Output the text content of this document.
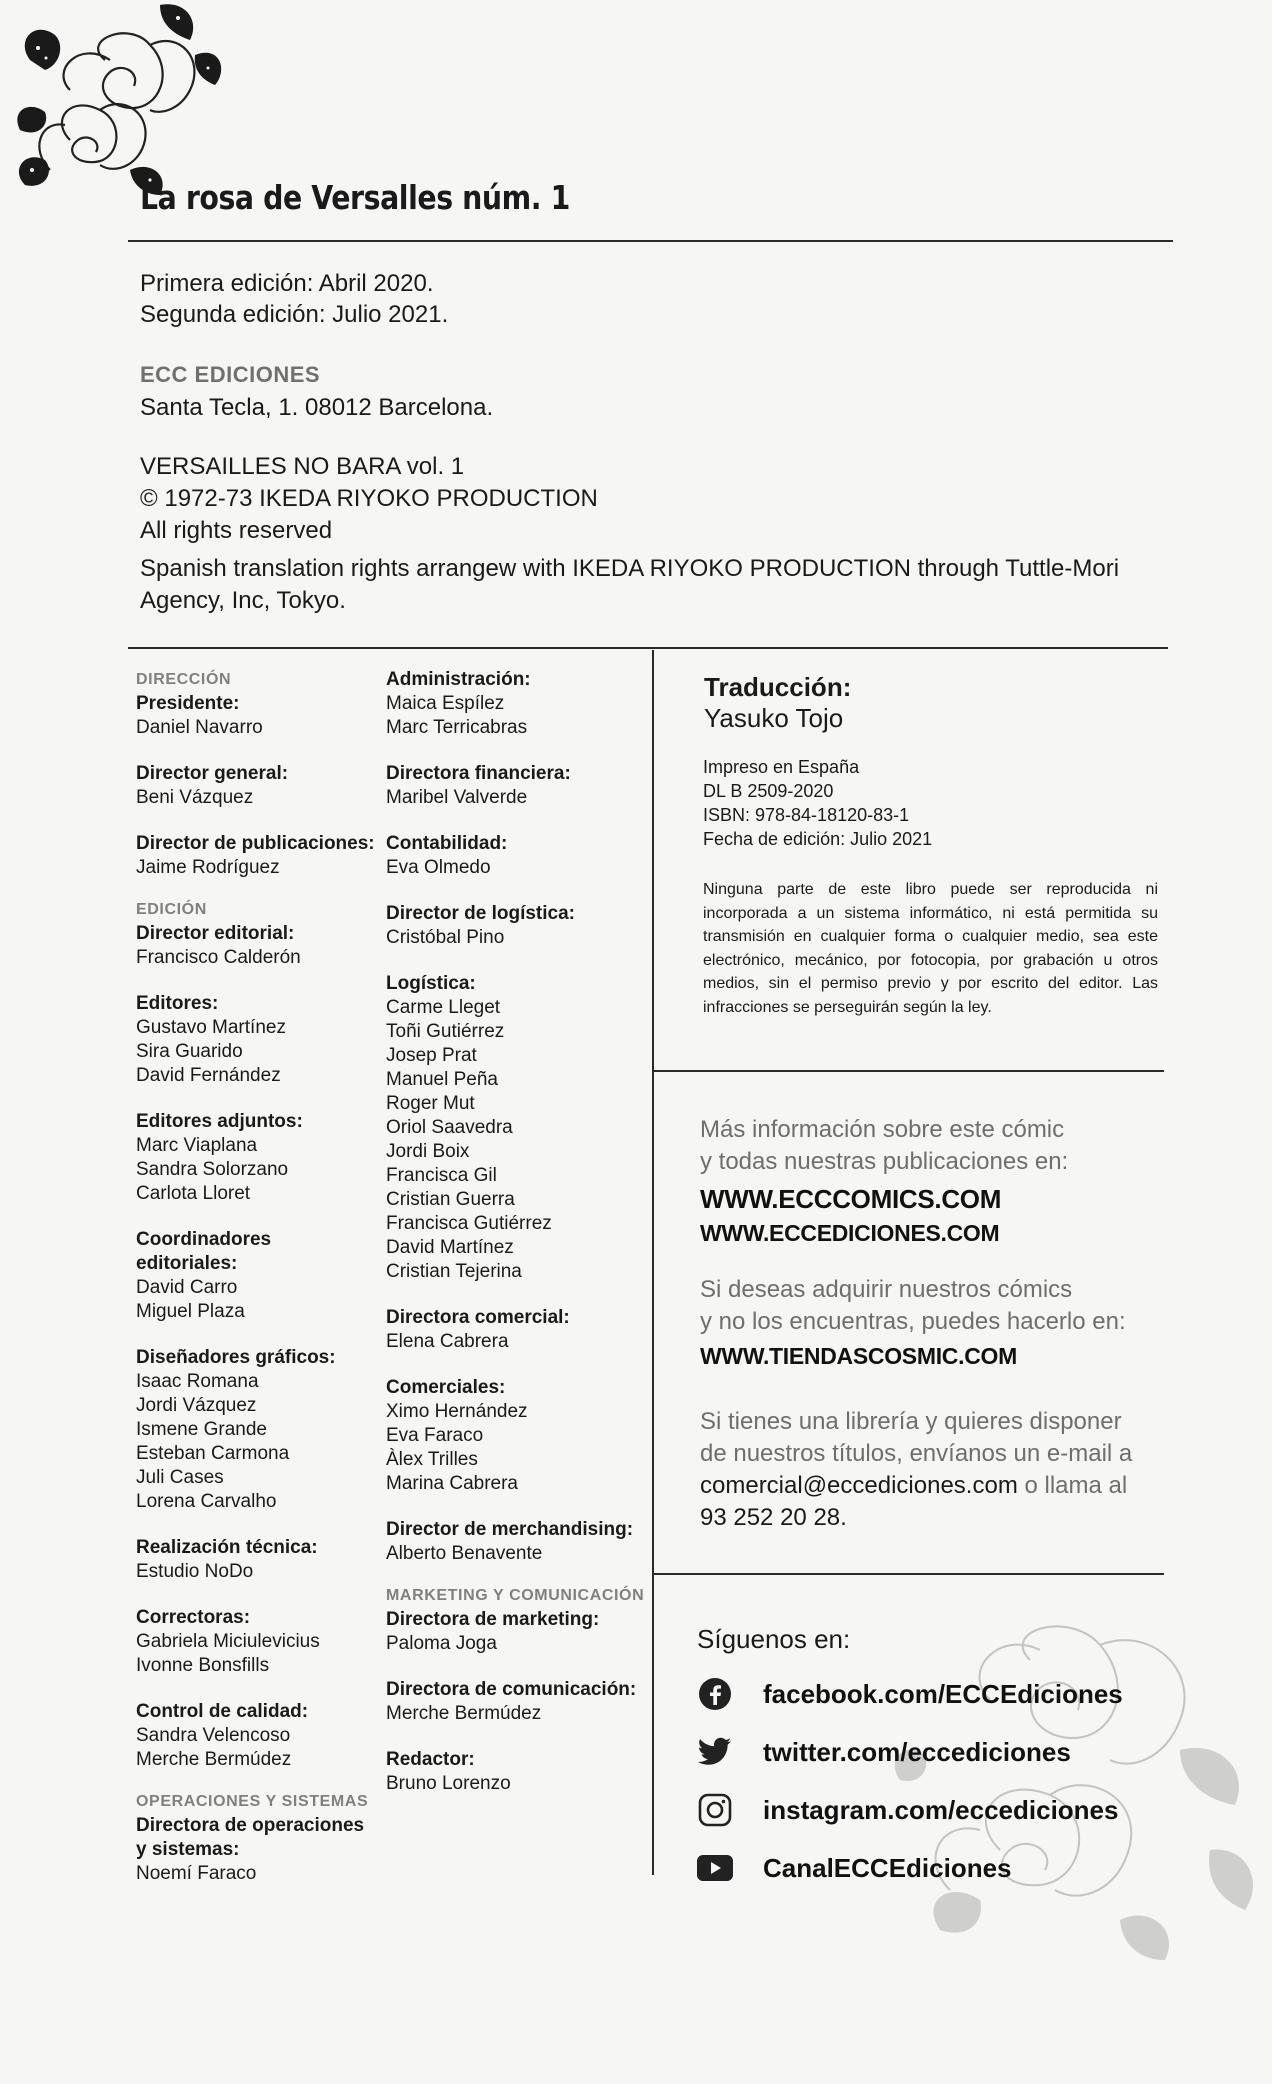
La rosa de Versalles núm. 1
Primera edición: Abril 2020.
Segunda edición: Julio 2021.
ECC EDICIONES
Santa Tecla, 1. 08012 Barcelona.
VERSAILLES NO BARA vol. 1
© 1972-73 IKEDA RIYOKO PRODUCTION
All rights reserved
Spanish translation rights arrangew with IKEDA RIYOKO PRODUCTION through Tuttle-Mori
Agency, Inc, Tokyo.
DIRECCIÓN
Presidente:
Daniel Navarro
Director general:
Beni Vázquez
Director de publicaciones:
Jaime Rodríguez
EDICIÓN
Director editorial:
Francisco Calderón
Editores:
Gustavo Martínez
Sira Guarido
David Fernández
Editores adjuntos:
Marc Viaplana
Sandra Solorzano
Carlota Lloret
Coordinadores editoriales:
David Carro
Miguel Plaza
Diseñadores gráficos:
Isaac Romana
Jordi Vázquez
Ismene Grande
Esteban Carmona
Juli Cases
Lorena Carvalho
Realización técnica:
Estudio NoDo
Correctoras:
Gabriela Miciulevicius
Ivonne Bonsfills
Control de calidad:
Sandra Velencoso
Merche Bermúdez
OPERACIONES Y SISTEMAS
Directora de operaciones y sistemas:
Noemí Faraco
Administración:
Maica Espílez
Marc Terricabras
Directora financiera:
Maribel Valverde
Contabilidad:
Eva Olmedo
Director de logística:
Cristóbal Pino
Logística:
Carme Lleget
Toñi Gutiérrez
Josep Prat
Manuel Peña
Roger Mut
Oriol Saavedra
Jordi Boix
Francisca Gil
Cristian Guerra
Francisca Gutiérrez
David Martínez
Cristian Tejerina
Directora comercial:
Elena Cabrera
Comerciales:
Ximo Hernández
Eva Faraco
Àlex Trilles
Marina Cabrera
Director de merchandising:
Alberto Benavente
MARKETING Y COMUNICACIÓN
Directora de marketing:
Paloma Joga
Directora de comunicación:
Merche Bermúdez
Redactor:
Bruno Lorenzo
Traducción:
Yasuko Tojo
Impreso en España
DL B 2509-2020
ISBN: 978-84-18120-83-1
Fecha de edición: Julio 2021
Ninguna parte de este libro puede ser reproducida ni incorporada a un sistema informático, ni está permitida su transmisión en cualquier forma o cualquier medio, sea este electrónico, mecánico, por fotocopia, por grabación u otros medios, sin el permiso previo y por escrito del editor. Las infracciones se perseguirán según la ley.
Más información sobre este cómic
y todas nuestras publicaciones en:
WWW.ECCCOMICS.COM
WWW.ECCEDICIONES.COM
Si deseas adquirir nuestros cómics
y no los encuentras, puedes hacerlo en:
WWW.TIENDASCOSMIC.COM
Si tienes una librería y quieres disponer
de nuestros títulos, envíanos un e-mail a
comercial@eccediciones.com o llama al
93 252 20 28.
Síguenos en:
facebook.com/ECCEdiciones
twitter.com/eccediciones
instagram.com/eccediciones
CanalECCEdiciones
